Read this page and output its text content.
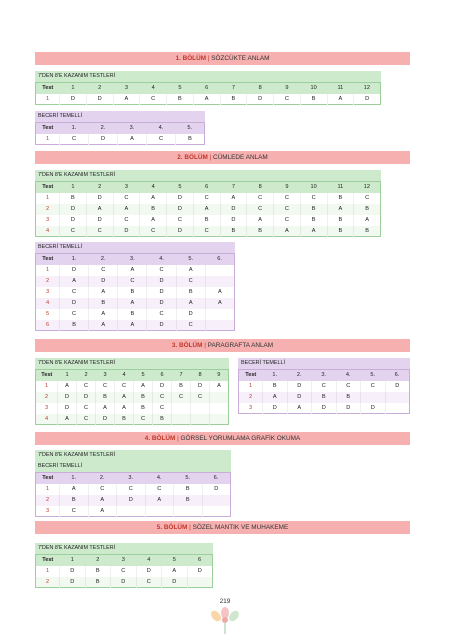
1. BÖLÜM | SÖZCÜKTE ANLAM
7'DEN 8'E KAZANIM TESTLERİ
Test	1	2	3	4	5	6	7	8	9	10	11	12
1	D	D	A	C	B	A	B	D	C	B	A	D
BECERİ TEMELLİ
Test	1.	2.	3.	4.	5.
1	C	D	A	C	B
2. BÖLÜM | CÜMLEDE ANLAM
7'DEN 8'E KAZANIM TESTLERİ
Test	1	2	3	4	5	6	7	8	9	10	11	12
1	B	D	C	A	D	C	A	C	C	C	B	C
2	D	A	A	B	D	A	D	C	C	B	A	B
3	D	D	C	A	C	B	D	A	C	B	B	A
4	C	C	D	C	D	C	B	B	A	A	B	B
BECERİ TEMELLİ
Test	1.	2.	3.	4.	5.	6.
1	D	C	A	C	A	
2	A	D	C	D	C	
3	C	A	B	D	B	A
4	D	B	A	D	A	A
5	C	A	B	C	D	
6	B	A	A	D	C	
3. BÖLÜM | PARAGRAFTA ANLAM
7'DEN 8'E KAZANIM TESTLERİ
Test	1	2	3	4	5	6	7	8	9
1	A	C	C	C	A	D	B	D	A
2	D	D	B	A	B	C	C	C	
3	D	C	A	A	B	C			
4	A	C	D	B	C	B			
BECERİ TEMELLİ
Test	1.	2.	3.	4.	5.	6.
1	B	D	C	C	C	D
2	A	D	B	B		
3	D	A	D	D	D	
4. BÖLÜM | GÖRSEL YORUMLAMA GRAFİK OKUMA
7'DEN 8'E KAZANIM TESTLERİ
BECERİ TEMELLİ
Test	1.	2.	3.	4.	5.	6.
1	A	C	C	C	B	D
2	B	A	D	A	B	
3	C	A				
5. BÖLÜM | SÖZEL MANTIK VE MUHAKEME
7'DEN 8'E KAZANIM TESTLERİ
Test	1	2	3	4	5	6
1	D	B	C	D	A	D
2	D	B	D	C	D	
219
